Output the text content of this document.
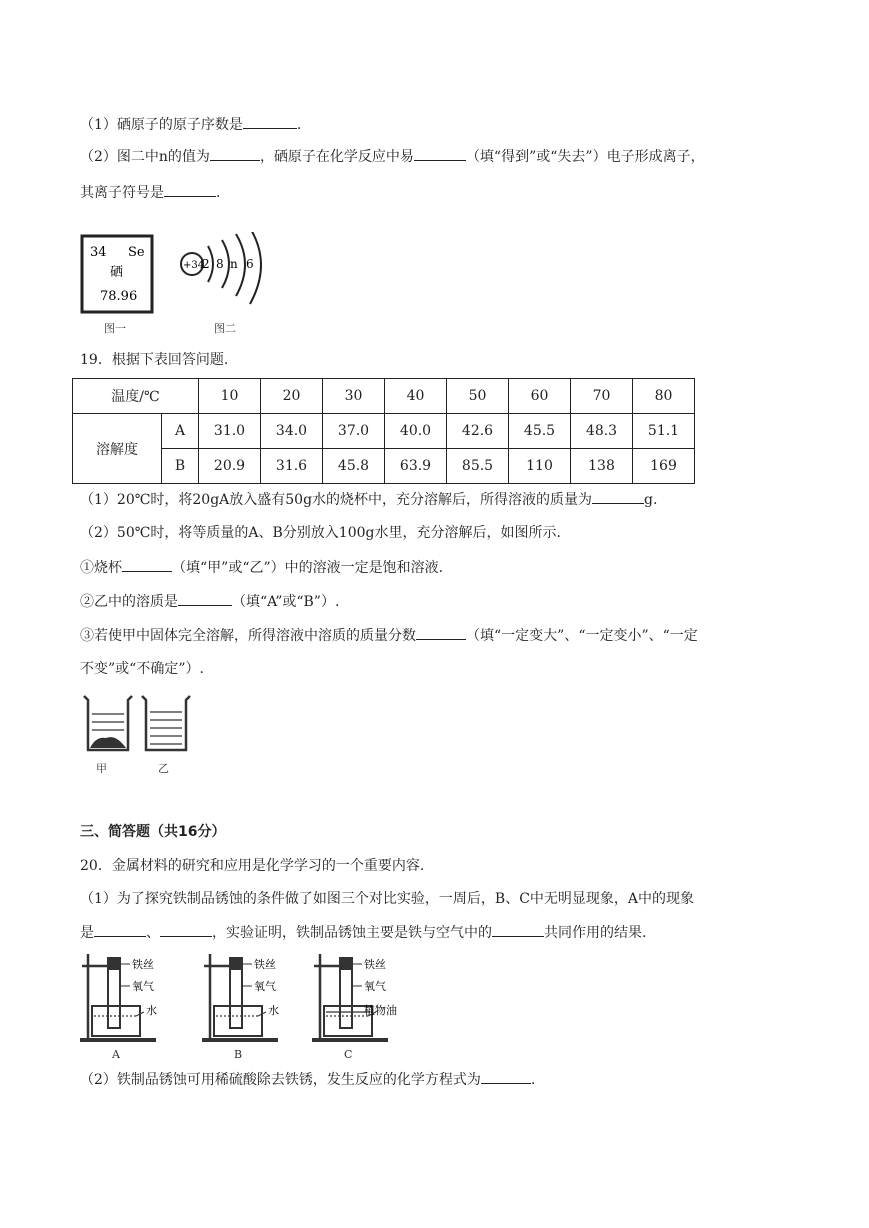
（1）硒原子的原子序数是	.
（2）图二中n的值为	，硒原子在化学反应中易	（填“得到”或“失去”）电子形成离子，
其离子符号是	.
34 Se
硒
78.96
图一
+34
2 8 n 6
图二
19．根据下表回答问题.
温度/℃		10	20	30	40	50	60	70	80
溶解度	A	31.0	34.0	37.0	40.0	42.6	45.5	48.3	51.1
	B	20.9	31.6	45.8	63.9	85.5	110	138	169
（1）20℃时，将20gA放入盛有50g水的烧杯中，充分溶解后，所得溶液的质量为	g.
（2）50℃时，将等质量的A、B分别放入100g水里，充分溶解后，如图所示.
①烧杯	（填“甲”或“乙”）中的溶液一定是饱和溶液.
②乙中的溶质是	（填“A”或“B”）.
③若使甲中固体完全溶解，所得溶液中溶质的质量分数	（填“一定变大”、“一定变小”、“一定
不变”或“不确定”）.
甲	乙
三、简答题（共16分）
20．金属材料的研究和应用是化学学习的一个重要内容.
（1）为了探究铁制品锈蚀的条件做了如图三个对比实验，一周后，B、C中无明显现象，A中的现象
是	、	，实验证明，铁制品锈蚀主要是铁与空气中的	共同作用的结果.
铁丝
氧气
水
A
铁丝
氧气
水
B
铁丝
氧气
植物油
C
（2）铁制品锈蚀可用稀硫酸除去铁锈，发生反应的化学方程式为	.
